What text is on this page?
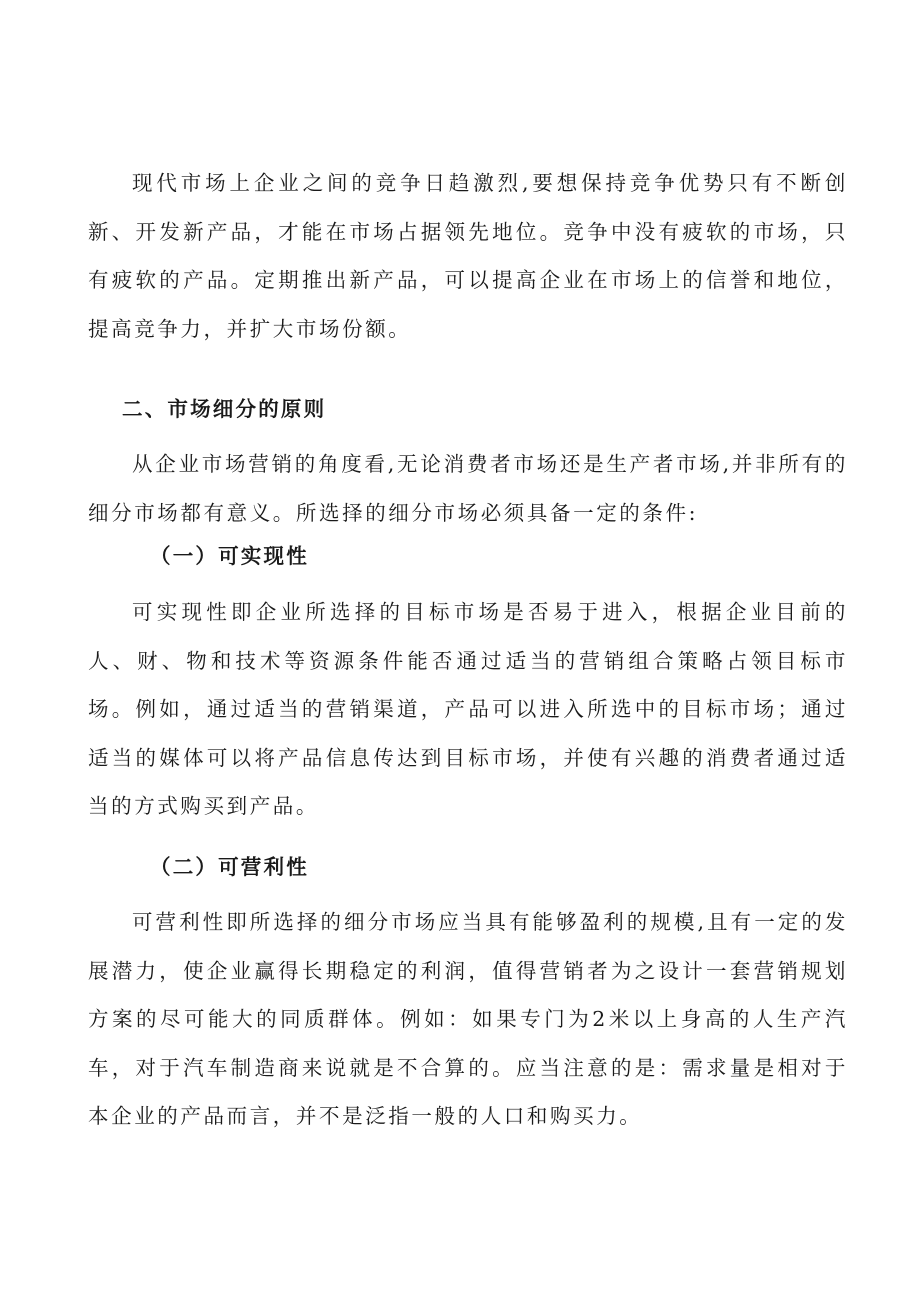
现代市场上企业之间的竞争日趋激烈,要想保持竞争优势只有不断创新、开发新产品，才能在市场占据领先地位。竞争中没有疲软的市场，只有疲软的产品。定期推出新产品，可以提高企业在市场上的信誉和地位，提高竞争力，并扩大市场份额。

二、市场细分的原则

从企业市场营销的角度看,无论消费者市场还是生产者市场,并非所有的细分市场都有意义。所选择的细分市场必须具备一定的条件:

（一）可实现性

可实现性即企业所选择的目标市场是否易于进入，根据企业目前的人、财、物和技术等资源条件能否通过适当的营销组合策略占领目标市场。例如，通过适当的营销渠道，产品可以进入所选中的目标市场；通过适当的媒体可以将产品信息传达到目标市场，并使有兴趣的消费者通过适当的方式购买到产品。

（二）可营利性

可营利性即所选择的细分市场应当具有能够盈利的规模,且有一定的发展潜力，使企业赢得长期稳定的利润，值得营销者为之设计一套营销规划方案的尽可能大的同质群体。例如：如果专门为2米以上身高的人生产汽车，对于汽车制造商来说就是不合算的。应当注意的是：需求量是相对于本企业的产品而言，并不是泛指一般的人口和购买力。
